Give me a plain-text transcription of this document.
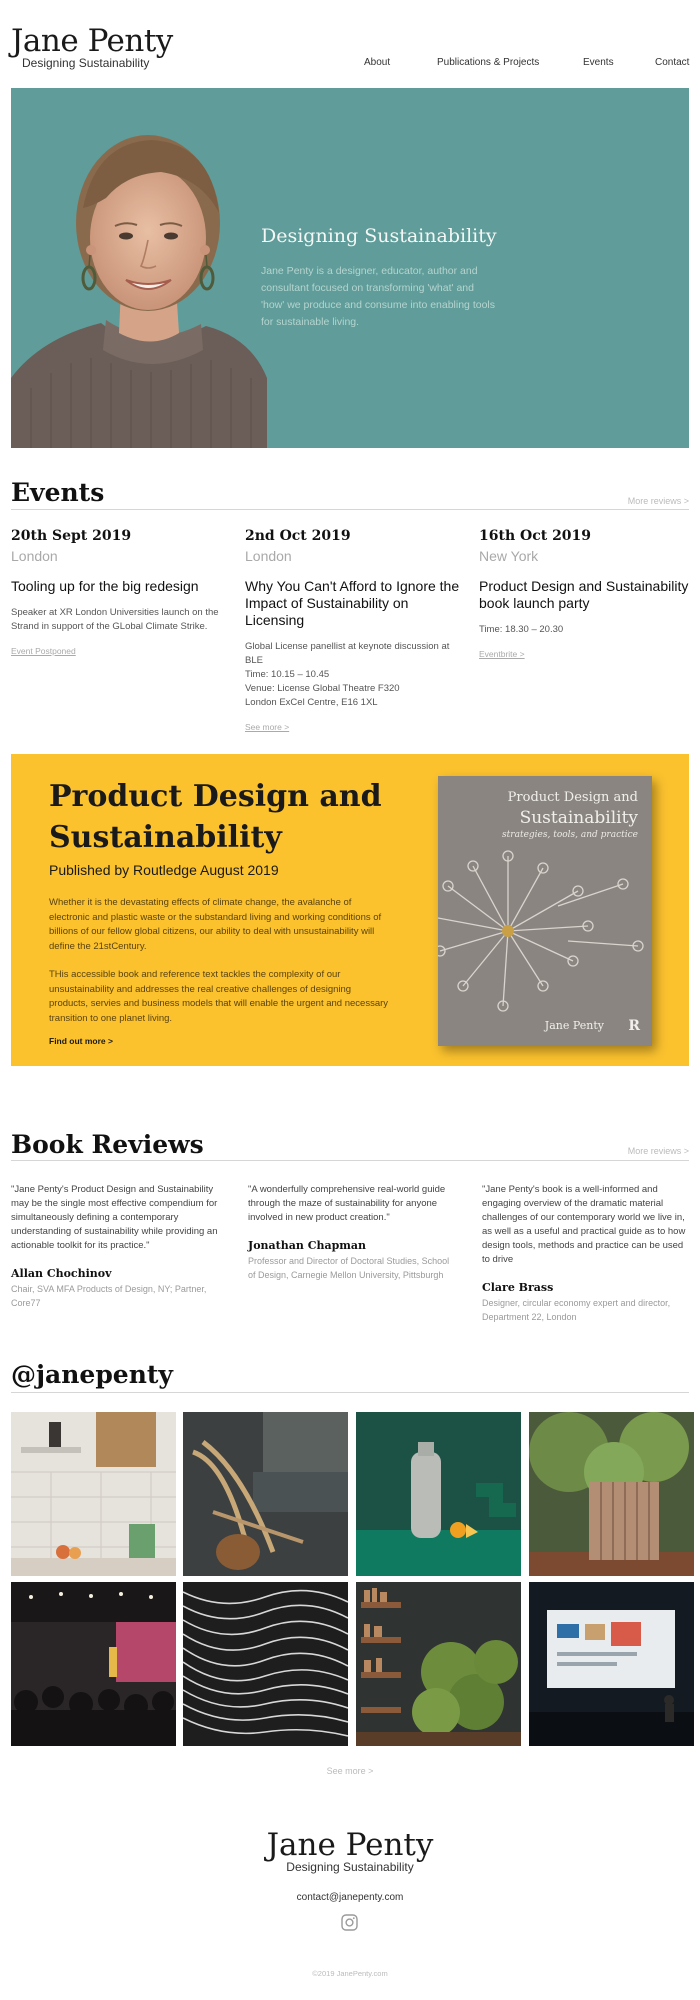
Jane Penty
Designing Sustainability	About	Publications & Projects	Events	Contact
Designing Sustainability

Jane Penty is a designer, educator, author and consultant focused on transforming 'what' and 'how' we produce and consume into enabling tools for sustainable living.

Events	More reviews >
20th Sept 2019
London
Tooling up for the big redesign
Speaker at XR London Universities launch on the Strand in support of the GLobal Climate Strike.
Event Postponed
2nd Oct 2019
London
Why You Can't Afford to Ignore the Impact of Sustainability on Licensing
Global License panellist at keynote discussion at BLE
Time: 10.15 – 10.45
Venue: License Global Theatre F320
London ExCel Centre, E16 1XL
See more >
16th Oct 2019
New York
Product Design and Sustainability book launch party
Time: 18.30 – 20.30
Eventbrite >
Product Design and Sustainability
Published by Routledge August 2019

Whether it is the devastating effects of climate change, the avalanche of electronic and plastic waste or the substandard living and working conditions of billions of our fellow global citizens, our ability to deal with unsustainability will define the 21stCentury.

THis accessible book and reference text tackles the complexity of our unsustainability and addresses the real creative challenges of designing products, servies and business models that will enable the urgent and necessary transition to one planet living.

Find out more >
Product Design and
Sustainability
strategies, tools, and practice
Jane Penty R
Book Reviews	More reviews >

"Jane Penty's Product Design and Sustainability may be the single most effective compendium for simultaneously defining a contemporary understanding of sustainability while providing an actionable toolkit for its practice."

Allan Chochinov
Chair, SVA MFA Products of Design, NY; Partner, Core77

"A wonderfully comprehensive real-world guide through the maze of sustainability for anyone involved in new product creation."

Jonathan Chapman
Professor and Director of Doctoral Studies, School of Design, Carnegie Mellon University, Pittsburgh

"Jane Penty's book is a well-informed and engaging overview of the dramatic material challenges of our contemporary world we live in, as well as a useful and practical guide as to how design tools, methods and practice can be used to drive

Clare Brass
Designer, circular economy expert and director, Department 22, London
@janepenty
See more >
Jane Penty
Designing Sustainability
contact@janepenty.com
©2019 JanePenty.com
